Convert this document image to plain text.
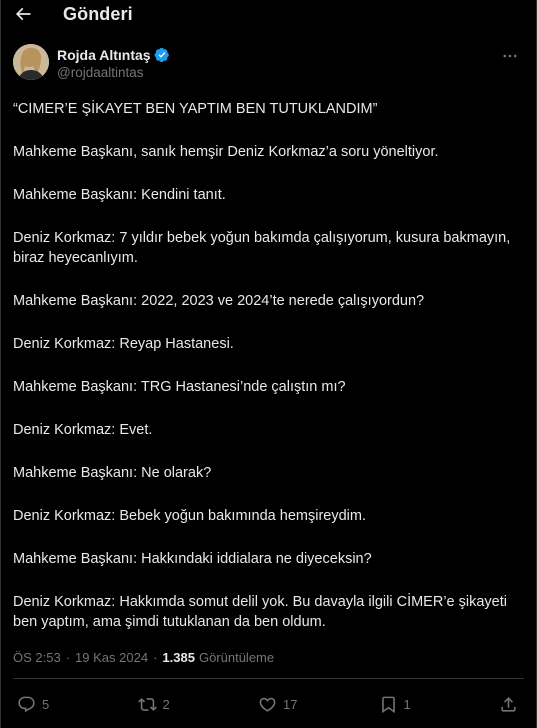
Gönderi
Rojda Altıntaş
@rojdaaltintas

“CIMER’E ŞİKAYET BEN YAPTIM BEN TUTUKLANDIM”

Mahkeme Başkanı, sanık hemşir Deniz Korkmaz’a soru yöneltiyor.

Mahkeme Başkanı: Kendini tanıt.

Deniz Korkmaz: 7 yıldır bebek yoğun bakımda çalışıyorum, kusura bakmayın, biraz heyecanlıyım.

Mahkeme Başkanı: 2022, 2023 ve 2024’te nerede çalışıyordun?

Deniz Korkmaz: Reyap Hastanesi.

Mahkeme Başkanı: TRG Hastanesi’nde çalıştın mı?

Deniz Korkmaz: Evet.

Mahkeme Başkanı: Ne olarak?

Deniz Korkmaz: Bebek yoğun bakımında hemşireydim.

Mahkeme Başkanı: Hakkındaki iddialara ne diyeceksin?

Deniz Korkmaz: Hakkımda somut delil yok. Bu davayla ilgili CİMER’e şikayeti ben yaptım, ama şimdi tutuklanan da ben oldum.

ÖS 2:53 · 19 Kas 2024 · 1.385 Görüntüleme
5	2	17	1
